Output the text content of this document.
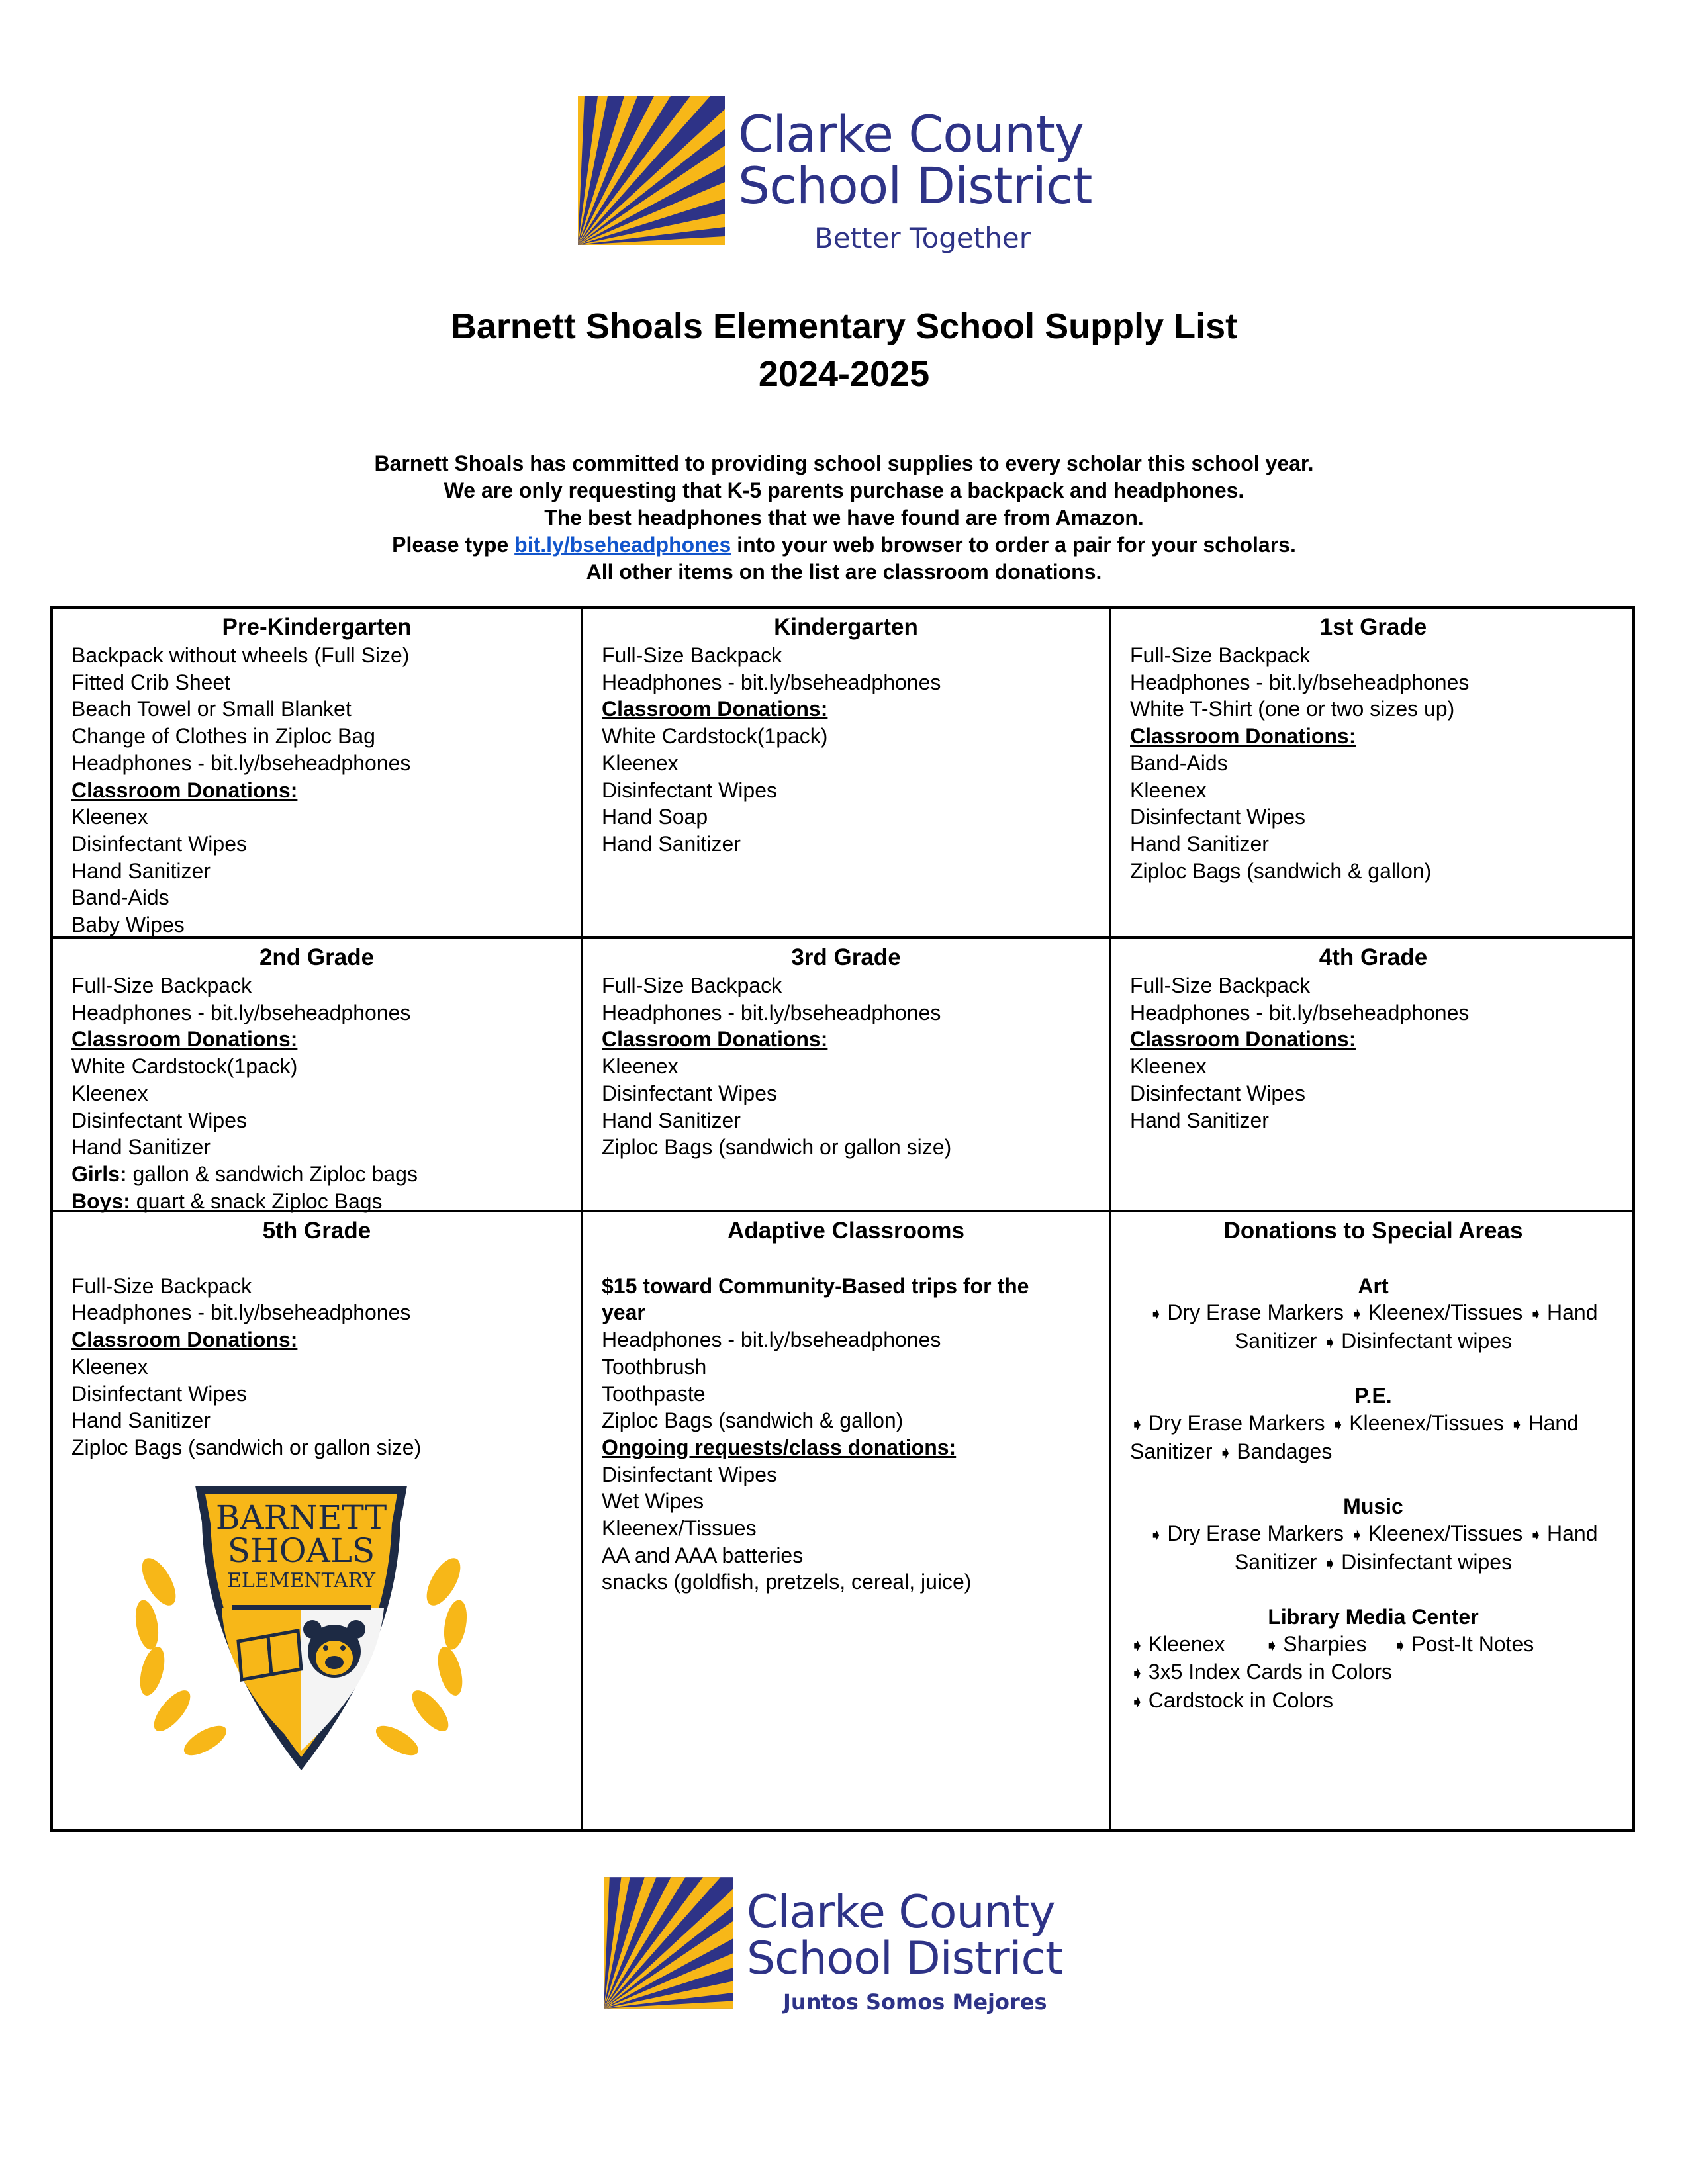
Clarke County
School District
Better Together
Barnett Shoals Elementary School Supply List
2024-2025
Barnett Shoals has committed to providing school supplies to every scholar this school year.
We are only requesting that K-5 parents purchase a backpack and headphones.
The best headphones that we have found are from Amazon.
Please type bit.ly/bseheadphones into your web browser to order a pair for your scholars.
All other items on the list are classroom donations.
Pre-Kindergarten
Backpack without wheels (Full Size)
Fitted Crib Sheet
Beach Towel or Small Blanket
Change of Clothes in Ziploc Bag
Headphones - bit.ly/bseheadphones
Classroom Donations:
Kleenex
Disinfectant Wipes
Hand Sanitizer
Band-Aids
Baby Wipes
Kindergarten
Full-Size Backpack
Headphones - bit.ly/bseheadphones
Classroom Donations:
White Cardstock(1pack)
Kleenex
Disinfectant Wipes
Hand Soap
Hand Sanitizer
1st Grade
Full-Size Backpack
Headphones - bit.ly/bseheadphones
White T-Shirt (one or two sizes up)
Classroom Donations:
Band-Aids
Kleenex
Disinfectant Wipes
Hand Sanitizer
Ziploc Bags (sandwich & gallon)
2nd Grade
Full-Size Backpack
Headphones - bit.ly/bseheadphones
Classroom Donations:
White Cardstock(1pack)
Kleenex
Disinfectant Wipes
Hand Sanitizer
Girls: gallon & sandwich Ziploc bags
Boys: quart & snack Ziploc Bags
3rd Grade
Full-Size Backpack
Headphones - bit.ly/bseheadphones
Classroom Donations:
Kleenex
Disinfectant Wipes
Hand Sanitizer
Ziploc Bags (sandwich or gallon size)
4th Grade
Full-Size Backpack
Headphones - bit.ly/bseheadphones
Classroom Donations:
Kleenex
Disinfectant Wipes
Hand Sanitizer
5th Grade
Full-Size Backpack
Headphones - bit.ly/bseheadphones
Classroom Donations:
Kleenex
Disinfectant Wipes
Hand Sanitizer
Ziploc Bags (sandwich or gallon size)
Adaptive Classrooms
$15 toward Community-Based trips for the
year
Headphones - bit.ly/bseheadphones
Toothbrush
Toothpaste
Ziploc Bags (sandwich & gallon)
Ongoing requests/class donations:
Disinfectant Wipes
Wet Wipes
Kleenex/Tissues
AA and AAA batteries
snacks (goldfish, pretzels, cereal, juice)
Donations to Special Areas
Art
➧ Dry Erase Markers ➧ Kleenex/Tissues ➧ Hand
Sanitizer ➧ Disinfectant wipes
P.E.
➧ Dry Erase Markers ➧ Kleenex/Tissues ➧ Hand
Sanitizer ➧ Bandages
Music
➧ Dry Erase Markers ➧ Kleenex/Tissues ➧ Hand
Sanitizer ➧ Disinfectant wipes
Library Media Center
➧ Kleenex ➧ Sharpies ➧ Post-It Notes
➧ 3x5 Index Cards in Colors
➧ Cardstock in Colors
BARNETT
SHOALS
ELEMENTARY
Clarke County
School District
Juntos Somos Mejores
